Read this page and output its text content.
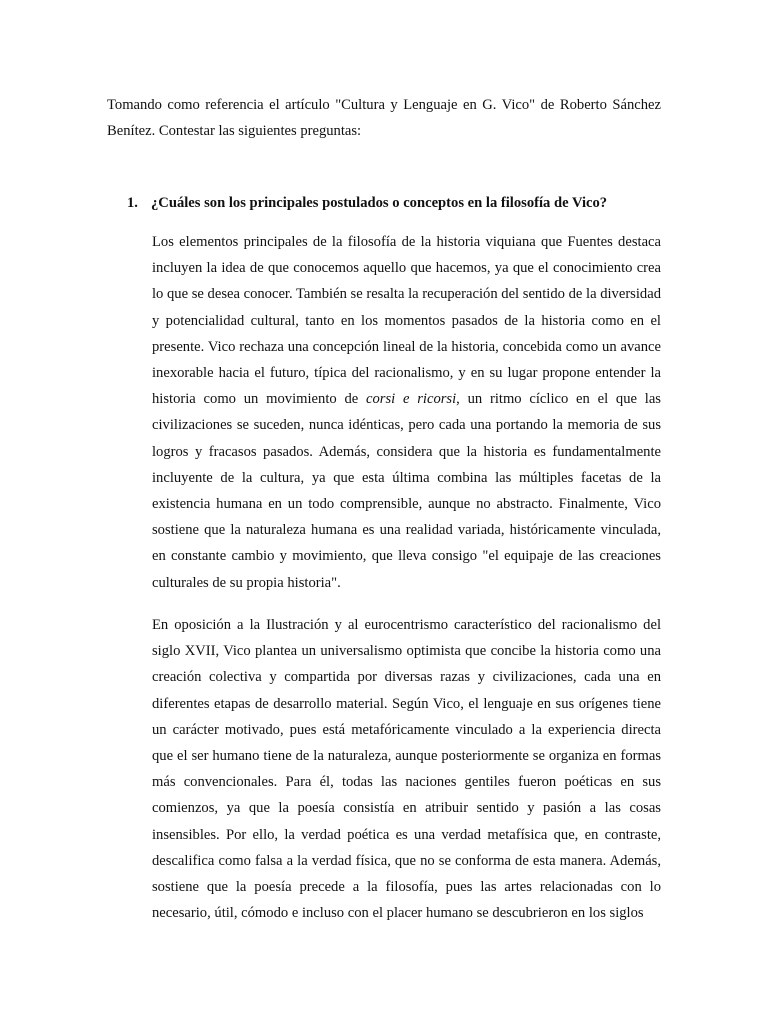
Tomando como referencia el artículo "Cultura y Lenguaje en G. Vico" de Roberto Sánchez Benítez. Contestar las siguientes preguntas:

1. ¿Cuáles son los principales postulados o conceptos en la filosofía de Vico?

Los elementos principales de la filosofía de la historia viquiana que Fuentes destaca incluyen la idea de que conocemos aquello que hacemos, ya que el conocimiento crea lo que se desea conocer. También se resalta la recuperación del sentido de la diversidad y potencialidad cultural, tanto en los momentos pasados de la historia como en el presente. Vico rechaza una concepción lineal de la historia, concebida como un avance inexorable hacia el futuro, típica del racionalismo, y en su lugar propone entender la historia como un movimiento de corsi e ricorsi, un ritmo cíclico en el que las civilizaciones se suceden, nunca idénticas, pero cada una portando la memoria de sus logros y fracasos pasados. Además, considera que la historia es fundamentalmente incluyente de la cultura, ya que esta última combina las múltiples facetas de la existencia humana en un todo comprensible, aunque no abstracto. Finalmente, Vico sostiene que la naturaleza humana es una realidad variada, históricamente vinculada, en constante cambio y movimiento, que lleva consigo "el equipaje de las creaciones culturales de su propia historia".

En oposición a la Ilustración y al eurocentrismo característico del racionalismo del siglo XVII, Vico plantea un universalismo optimista que concibe la historia como una creación colectiva y compartida por diversas razas y civilizaciones, cada una en diferentes etapas de desarrollo material. Según Vico, el lenguaje en sus orígenes tiene un carácter motivado, pues está metafóricamente vinculado a la experiencia directa que el ser humano tiene de la naturaleza, aunque posteriormente se organiza en formas más convencionales. Para él, todas las naciones gentiles fueron poéticas en sus comienzos, ya que la poesía consistía en atribuir sentido y pasión a las cosas insensibles. Por ello, la verdad poética es una verdad metafísica que, en contraste, descalifica como falsa a la verdad física, que no se conforma de esta manera. Además, sostiene que la poesía precede a la filosofía, pues las artes relacionadas con lo necesario, útil, cómodo e incluso con el placer humano se descubrieron en los siglos
